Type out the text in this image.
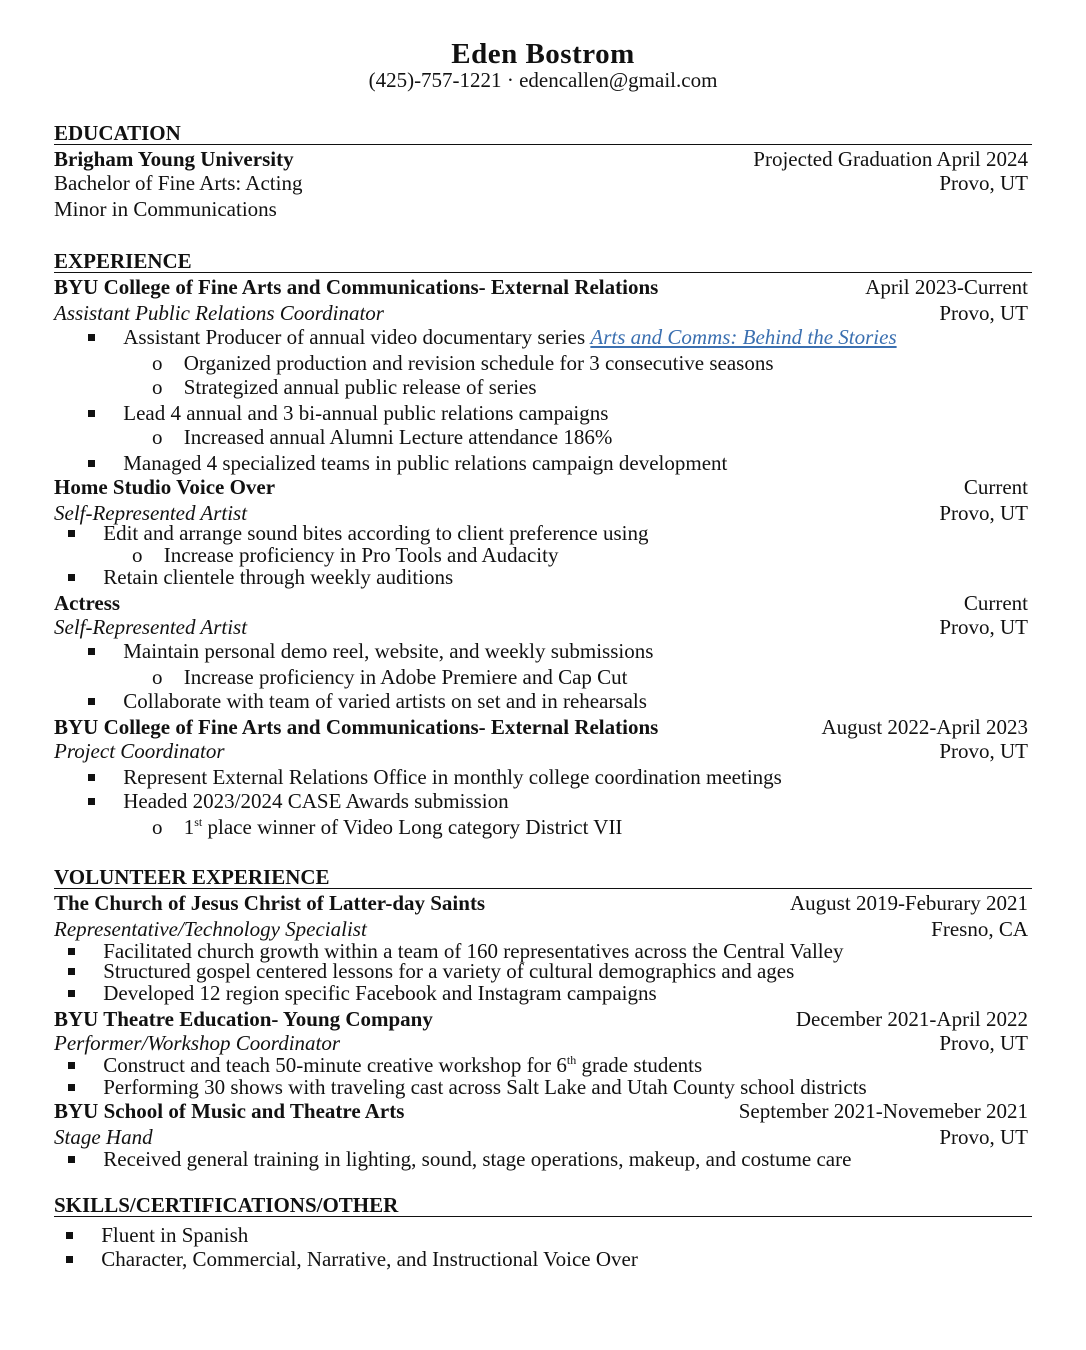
Eden Bostrom
(425)-757-1221 · edencallen@gmail.com
EDUCATION
Brigham Young University	Projected Graduation April 2024
Bachelor of Fine Arts: Acting	Provo, UT
Minor in Communications
EXPERIENCE
BYU College of Fine Arts and Communications- External Relations	April 2023-Current
Assistant Public Relations Coordinator	Provo, UT
Assistant Producer of annual video documentary series Arts and Comms: Behind the Stories
o Organized production and revision schedule for 3 consecutive seasons
o Strategized annual public release of series
Lead 4 annual and 3 bi-annual public relations campaigns
o Increased annual Alumni Lecture attendance 186%
Managed 4 specialized teams in public relations campaign development
Home Studio Voice Over	Current
Self-Represented Artist	Provo, UT
Edit and arrange sound bites according to client preference using
o Increase proficiency in Pro Tools and Audacity
Retain clientele through weekly auditions
Actress	Current
Self-Represented Artist	Provo, UT
Maintain personal demo reel, website, and weekly submissions
o Increase proficiency in Adobe Premiere and Cap Cut
Collaborate with team of varied artists on set and in rehearsals
BYU College of Fine Arts and Communications- External Relations	August 2022-April 2023
Project Coordinator	Provo, UT
Represent External Relations Office in monthly college coordination meetings
Headed 2023/2024 CASE Awards submission
o 1st place winner of Video Long category District VII
VOLUNTEER EXPERIENCE
The Church of Jesus Christ of Latter-day Saints	August 2019-Feburary 2021
Representative/Technology Specialist	Fresno, CA
Facilitated church growth within a team of 160 representatives across the Central Valley
Structured gospel centered lessons for a variety of cultural demographics and ages
Developed 12 region specific Facebook and Instagram campaigns
BYU Theatre Education- Young Company	December 2021-April 2022
Performer/Workshop Coordinator	Provo, UT
Construct and teach 50-minute creative workshop for 6th grade students
Performing 30 shows with traveling cast across Salt Lake and Utah County school districts
BYU School of Music and Theatre Arts	September 2021-Novemeber 2021
Stage Hand	Provo, UT
Received general training in lighting, sound, stage operations, makeup, and costume care
SKILLS/CERTIFICATIONS/OTHER
Fluent in Spanish
Character, Commercial, Narrative, and Instructional Voice Over
